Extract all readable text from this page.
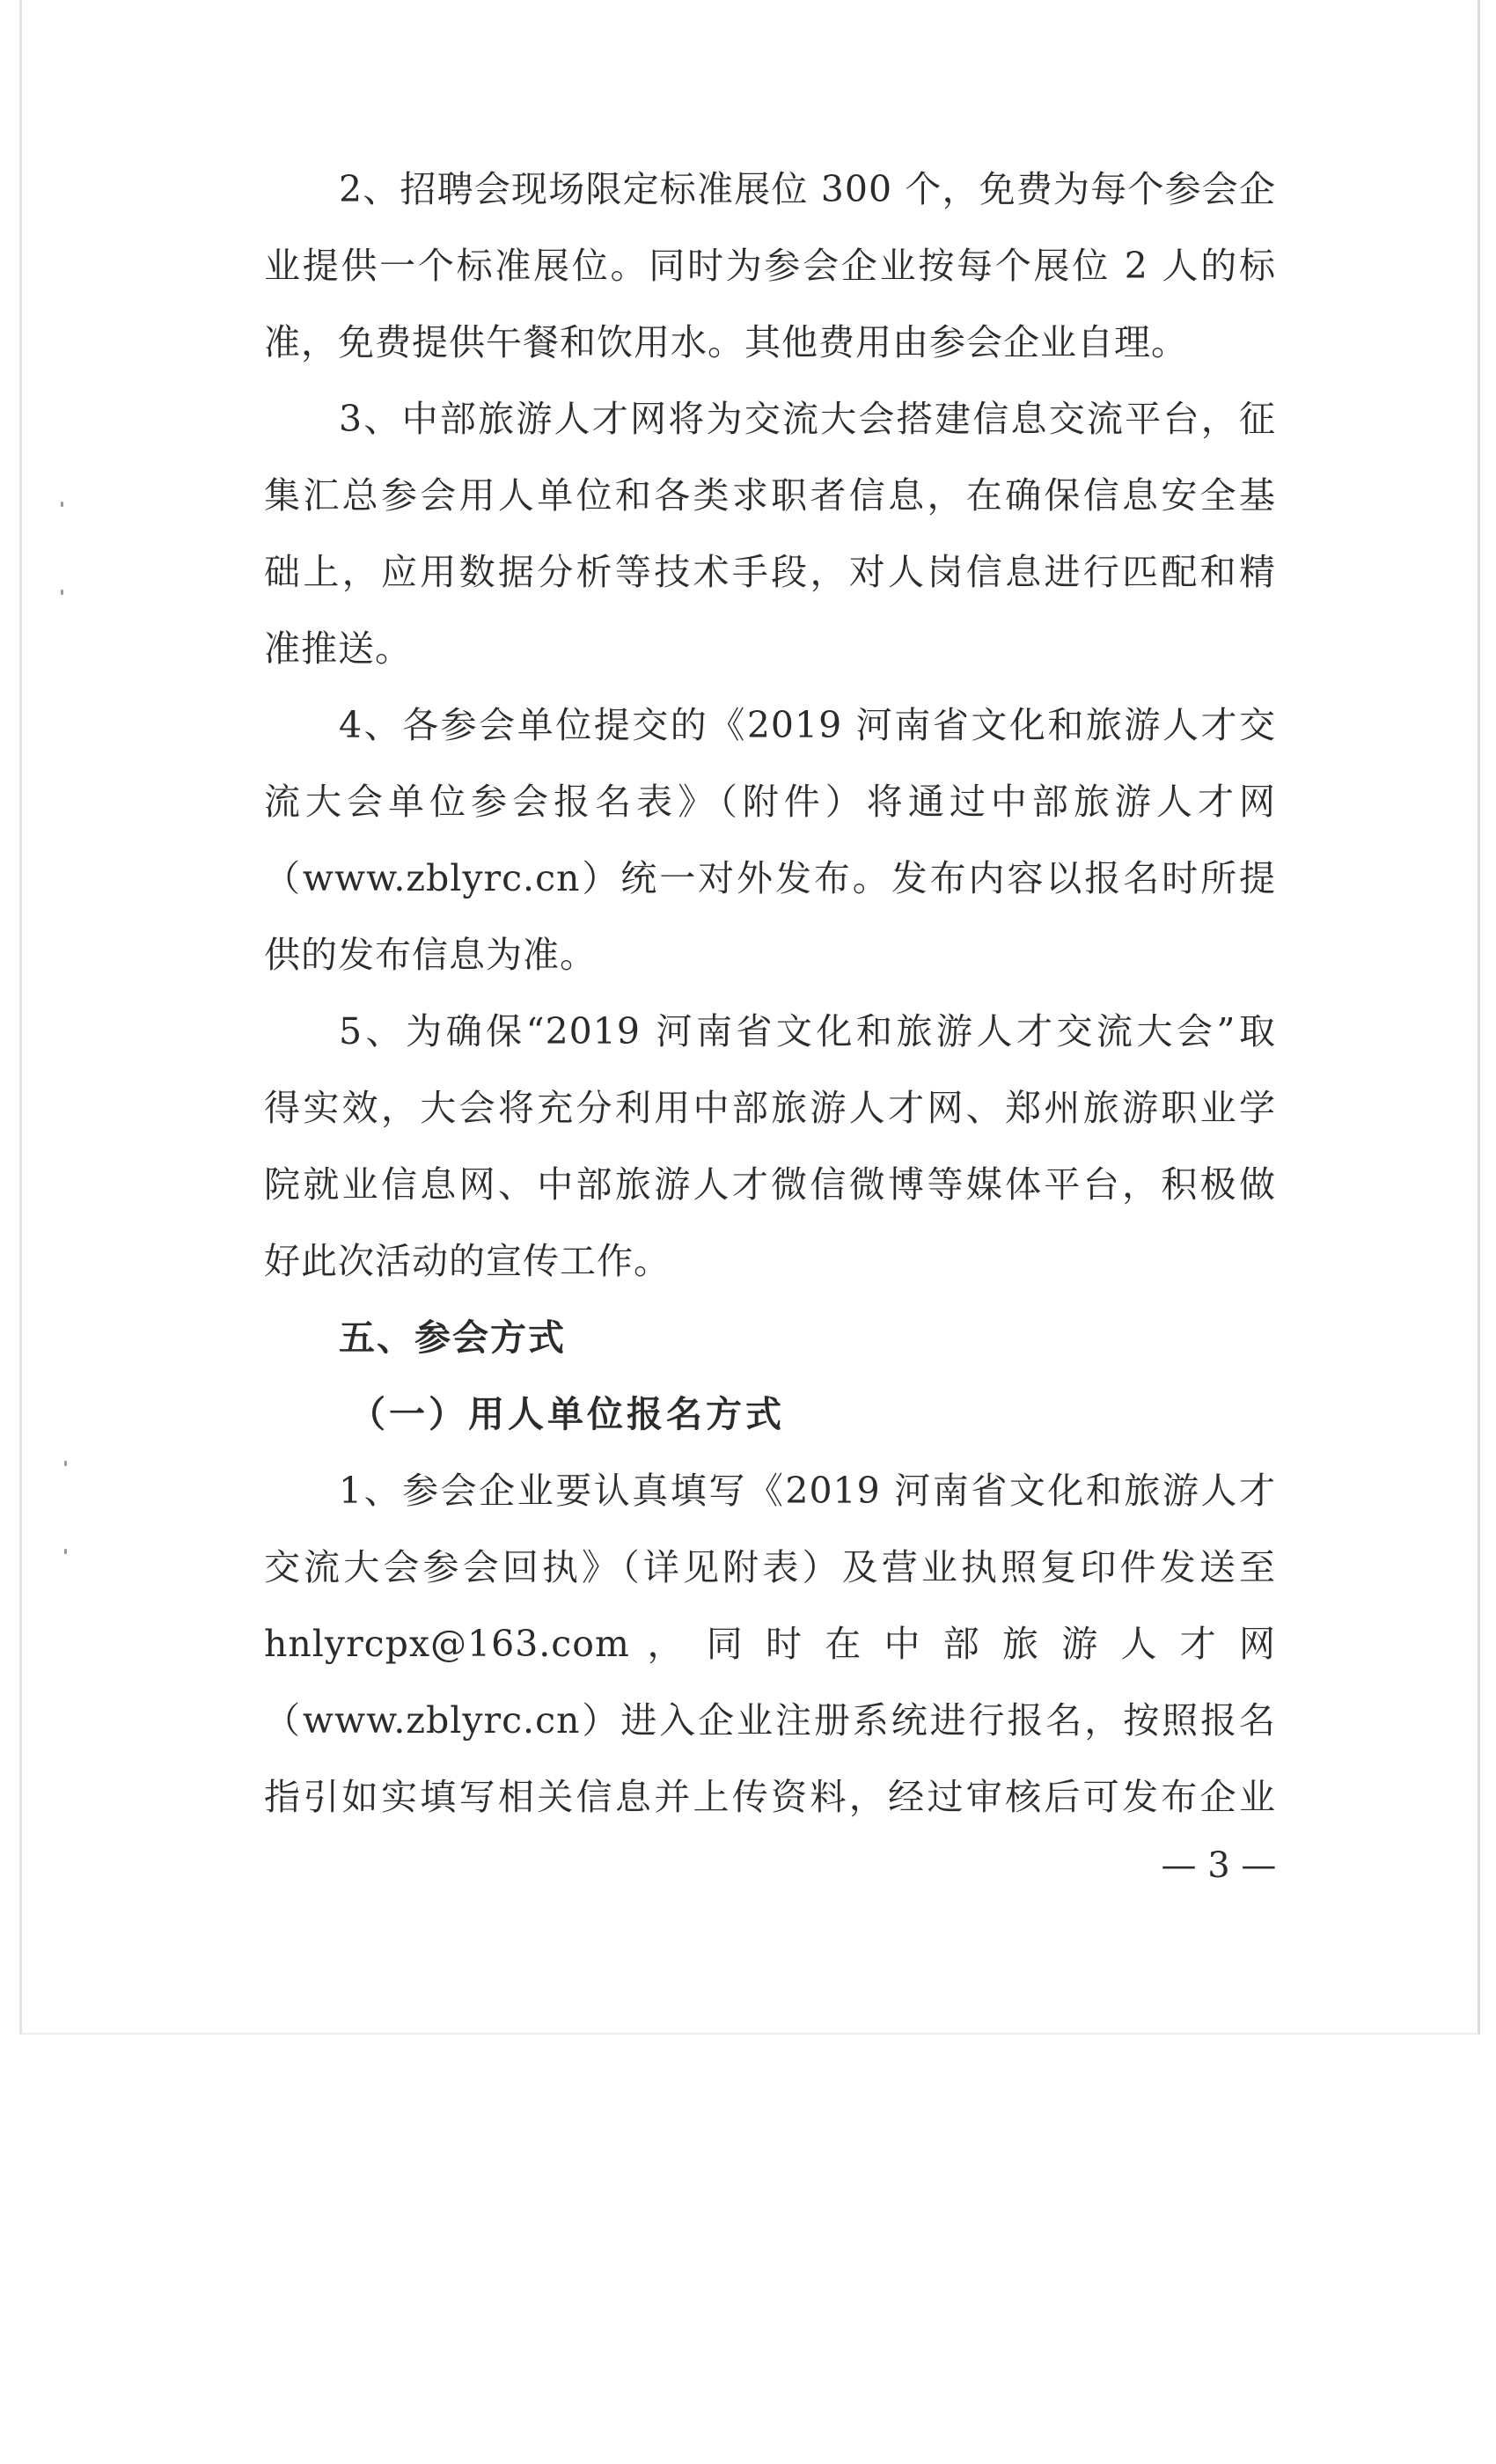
2、招聘会现场限定标准展位 300 个，免费为每个参会企
业提供一个标准展位。同时为参会企业按每个展位 2 人的标
准，免费提供午餐和饮用水。其他费用由参会企业自理。
3、中部旅游人才网将为交流大会搭建信息交流平台，征
集汇总参会用人单位和各类求职者信息，在确保信息安全基
础上，应用数据分析等技术手段，对人岗信息进行匹配和精
准推送。
4、各参会单位提交的《2019 河南省文化和旅游人才交
流大会单位参会报名表》（附件）将通过中部旅游人才网
（www.zblyrc.cn）统一对外发布。发布内容以报名时所提
供的发布信息为准。
5、为确保“2019 河南省文化和旅游人才交流大会”取
得实效，大会将充分利用中部旅游人才网、郑州旅游职业学
院就业信息网、中部旅游人才微信微博等媒体平台，积极做
好此次活动的宣传工作。
五、参会方式
（一）用人单位报名方式
1、参会企业要认真填写《2019 河南省文化和旅游人才
交流大会参会回执》（详见附表）及营业执照复印件发送至
hnlyrcpx@163.com ， 同 时 在 中 部 旅 游 人 才 网
（www.zblyrc.cn）进入企业注册系统进行报名，按照报名
指引如实填写相关信息并上传资料，经过审核后可发布企业
— 3 —
